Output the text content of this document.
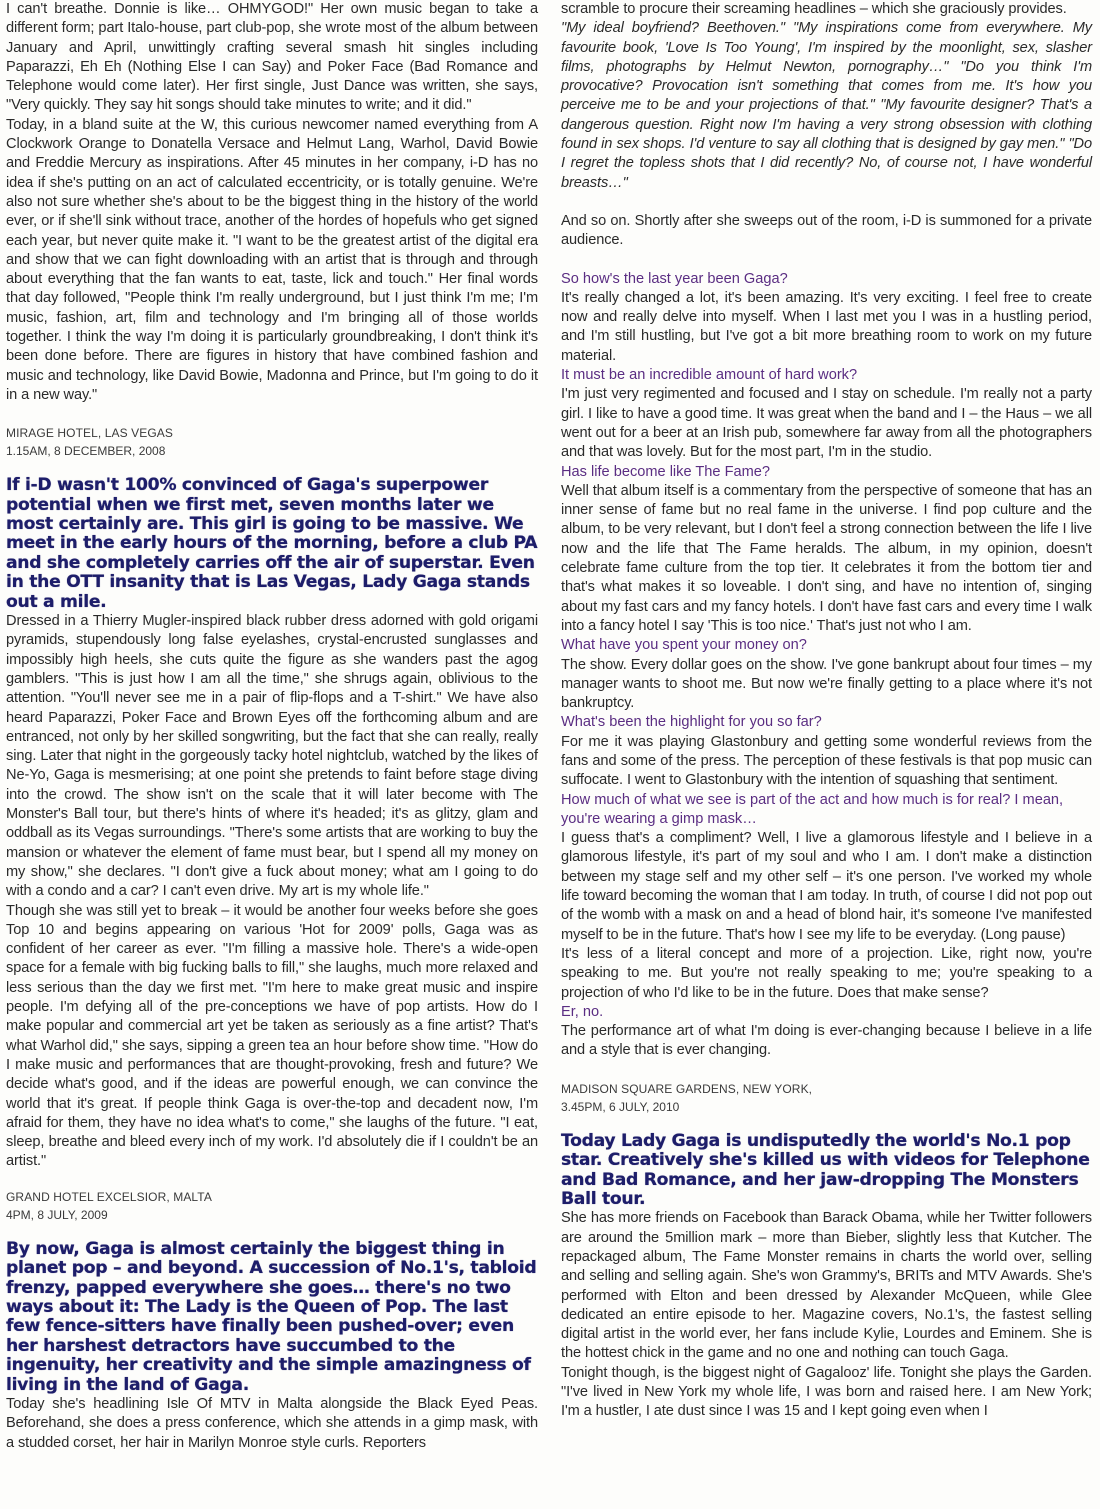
I can't breathe. Donnie is like… OHMYGOD!" Her own music began to take a different form; part Italo-house, part club-pop, she wrote most of the album between January and April, unwittingly crafting several smash hit singles including Paparazzi, Eh Eh (Nothing Else I can Say) and Poker Face (Bad Romance and Telephone would come later). Her first single, Just Dance was written, she says, "Very quickly. They say hit songs should take minutes to write; and it did."

Today, in a bland suite at the W, this curious newcomer named everything from A Clockwork Orange to Donatella Versace and Helmut Lang, Warhol, David Bowie and Freddie Mercury as inspirations. After 45 minutes in her company, i-D has no idea if she's putting on an act of calculated eccentricity, or is totally genuine. We're also not sure whether she's about to be the biggest thing in the history of the world ever, or if she'll sink without trace, another of the hordes of hopefuls who get signed each year, but never quite make it. "I want to be the greatest artist of the digital era and show that we can fight downloading with an artist that is through and through about everything that the fan wants to eat, taste, lick and touch." Her final words that day followed, "People think I'm really underground, but I just think I'm me; I'm music, fashion, art, film and technology and I'm bringing all of those worlds together. I think the way I'm doing it is particularly groundbreaking, I don't think it's been done before. There are figures in history that have combined fashion and music and technology, like David Bowie, Madonna and Prince, but I'm going to do it in a new way."

MIRAGE HOTEL, LAS VEGAS
1.15AM, 8 DECEMBER, 2008

If i-D wasn't 100% convinced of Gaga's superpower potential when we first met, seven months later we most certainly are. This girl is going to be massive. We meet in the early hours of the morning, before a club PA and she completely carries off the air of superstar. Even in the OTT insanity that is Las Vegas, Lady Gaga stands out a mile.

Dressed in a Thierry Mugler-inspired black rubber dress adorned with gold origami pyramids, stupendously long false eyelashes, crystal-encrusted sunglasses and impossibly high heels, she cuts quite the figure as she wanders past the agog gamblers. "This is just how I am all the time," she shrugs again, oblivious to the attention. "You'll never see me in a pair of flip-flops and a T-shirt." We have also heard Paparazzi, Poker Face and Brown Eyes off the forthcoming album and are entranced, not only by her skilled songwriting, but the fact that she can really, really sing. Later that night in the gorgeously tacky hotel nightclub, watched by the likes of Ne-Yo, Gaga is mesmerising; at one point she pretends to faint before stage diving into the crowd. The show isn't on the scale that it will later become with The Monster's Ball tour, but there's hints of where it's headed; it's as glitzy, glam and oddball as its Vegas surroundings. "There's some artists that are working to buy the mansion or whatever the element of fame must bear, but I spend all my money on my show," she declares. "I don't give a fuck about money; what am I going to do with a condo and a car? I can't even drive. My art is my whole life."

Though she was still yet to break – it would be another four weeks before she goes Top 10 and begins appearing on various 'Hot for 2009' polls, Gaga was as confident of her career as ever. "I'm filling a massive hole. There's a wide-open space for a female with big fucking balls to fill," she laughs, much more relaxed and less serious than the day we first met. "I'm here to make great music and inspire people. I'm defying all of the pre-conceptions we have of pop artists. How do I make popular and commercial art yet be taken as seriously as a fine artist? That's what Warhol did," she says, sipping a green tea an hour before show time. "How do I make music and performances that are thought-provoking, fresh and future? We decide what's good, and if the ideas are powerful enough, we can convince the world that it's great. If people think Gaga is over-the-top and decadent now, I'm afraid for them, they have no idea what's to come," she laughs of the future. "I eat, sleep, breathe and bleed every inch of my work. I'd absolutely die if I couldn't be an artist."

GRAND HOTEL EXCELSIOR, MALTA
4PM, 8 JULY, 2009

By now, Gaga is almost certainly the biggest thing in planet pop – and beyond. A succession of No.1's, tabloid frenzy, papped everywhere she goes… there's no two ways about it: The Lady is the Queen of Pop. The last few fence-sitters have finally been pushed-over; even her harshest detractors have succumbed to the ingenuity, her creativity and the simple amazingness of living in the land of Gaga.

Today she's headlining Isle Of MTV in Malta alongside the Black Eyed Peas. Beforehand, she does a press conference, which she attends in a gimp mask, with a studded corset, her hair in Marilyn Monroe style curls. Reporters

scramble to procure their screaming headlines – which she graciously provides.

"My ideal boyfriend? Beethoven." "My inspirations come from everywhere. My favourite book, 'Love Is Too Young', I'm inspired by the moonlight, sex, slasher films, photographs by Helmut Newton, pornography…" "Do you think I'm provocative? Provocation isn't something that comes from me. It's how you perceive me to be and your projections of that." "My favourite designer? That's a dangerous question. Right now I'm having a very strong obsession with clothing found in sex shops. I'd venture to say all clothing that is designed by gay men." "Do I regret the topless shots that I did recently? No, of course not, I have wonderful breasts…"

And so on. Shortly after she sweeps out of the room, i-D is summoned for a private audience.

So how's the last year been Gaga?

It's really changed a lot, it's been amazing. It's very exciting. I feel free to create now and really delve into myself. When I last met you I was in a hustling period, and I'm still hustling, but I've got a bit more breathing room to work on my future material.

It must be an incredible amount of hard work?

I'm just very regimented and focused and I stay on schedule. I'm really not a party girl. I like to have a good time. It was great when the band and I – the Haus – we all went out for a beer at an Irish pub, somewhere far away from all the photographers and that was lovely. But for the most part, I'm in the studio.

Has life become like The Fame?

Well that album itself is a commentary from the perspective of someone that has an inner sense of fame but no real fame in the universe. I find pop culture and the album, to be very relevant, but I don't feel a strong connection between the life I live now and the life that The Fame heralds. The album, in my opinion, doesn't celebrate fame culture from the top tier. It celebrates it from the bottom tier and that's what makes it so loveable. I don't sing, and have no intention of, singing about my fast cars and my fancy hotels. I don't have fast cars and every time I walk into a fancy hotel I say 'This is too nice.' That's just not who I am.

What have you spent your money on?

The show. Every dollar goes on the show. I've gone bankrupt about four times – my manager wants to shoot me. But now we're finally getting to a place where it's not bankruptcy.

What's been the highlight for you so far?

For me it was playing Glastonbury and getting some wonderful reviews from the fans and some of the press. The perception of these festivals is that pop music can suffocate. I went to Glastonbury with the intention of squashing that sentiment.

How much of what we see is part of the act and how much is for real? I mean, you're wearing a gimp mask…

I guess that's a compliment? Well, I live a glamorous lifestyle and I believe in a glamorous lifestyle, it's part of my soul and who I am. I don't make a distinction between my stage self and my other self – it's one person. I've worked my whole life toward becoming the woman that I am today. In truth, of course I did not pop out of the womb with a mask on and a head of blond hair, it's someone I've manifested myself to be in the future. That's how I see my life to be everyday. (Long pause)

It's less of a literal concept and more of a projection. Like, right now, you're speaking to me. But you're not really speaking to me; you're speaking to a projection of who I'd like to be in the future. Does that make sense?

Er, no.

The performance art of what I'm doing is ever-changing because I believe in a life and a style that is ever changing.

MADISON SQUARE GARDENS, NEW YORK,
3.45PM, 6 JULY, 2010

Today Lady Gaga is undisputedly the world's No.1 pop star. Creatively she's killed us with videos for Telephone and Bad Romance, and her jaw-dropping The Monsters Ball tour.

She has more friends on Facebook than Barack Obama, while her Twitter followers are around the 5million mark – more than Bieber, slightly less that Kutcher. The repackaged album, The Fame Monster remains in charts the world over, selling and selling and selling again. She's won Grammy's, BRITs and MTV Awards. She's performed with Elton and been dressed by Alexander McQueen, while Glee dedicated an entire episode to her. Magazine covers, No.1's, the fastest selling digital artist in the world ever, her fans include Kylie, Lourdes and Eminem. She is the hottest chick in the game and no one and nothing can touch Gaga.

Tonight though, is the biggest night of Gagalooz' life. Tonight she plays the Garden. "I've lived in New York my whole life, I was born and raised here. I am New York; I'm a hustler, I ate dust since I was 15 and I kept going even when I
